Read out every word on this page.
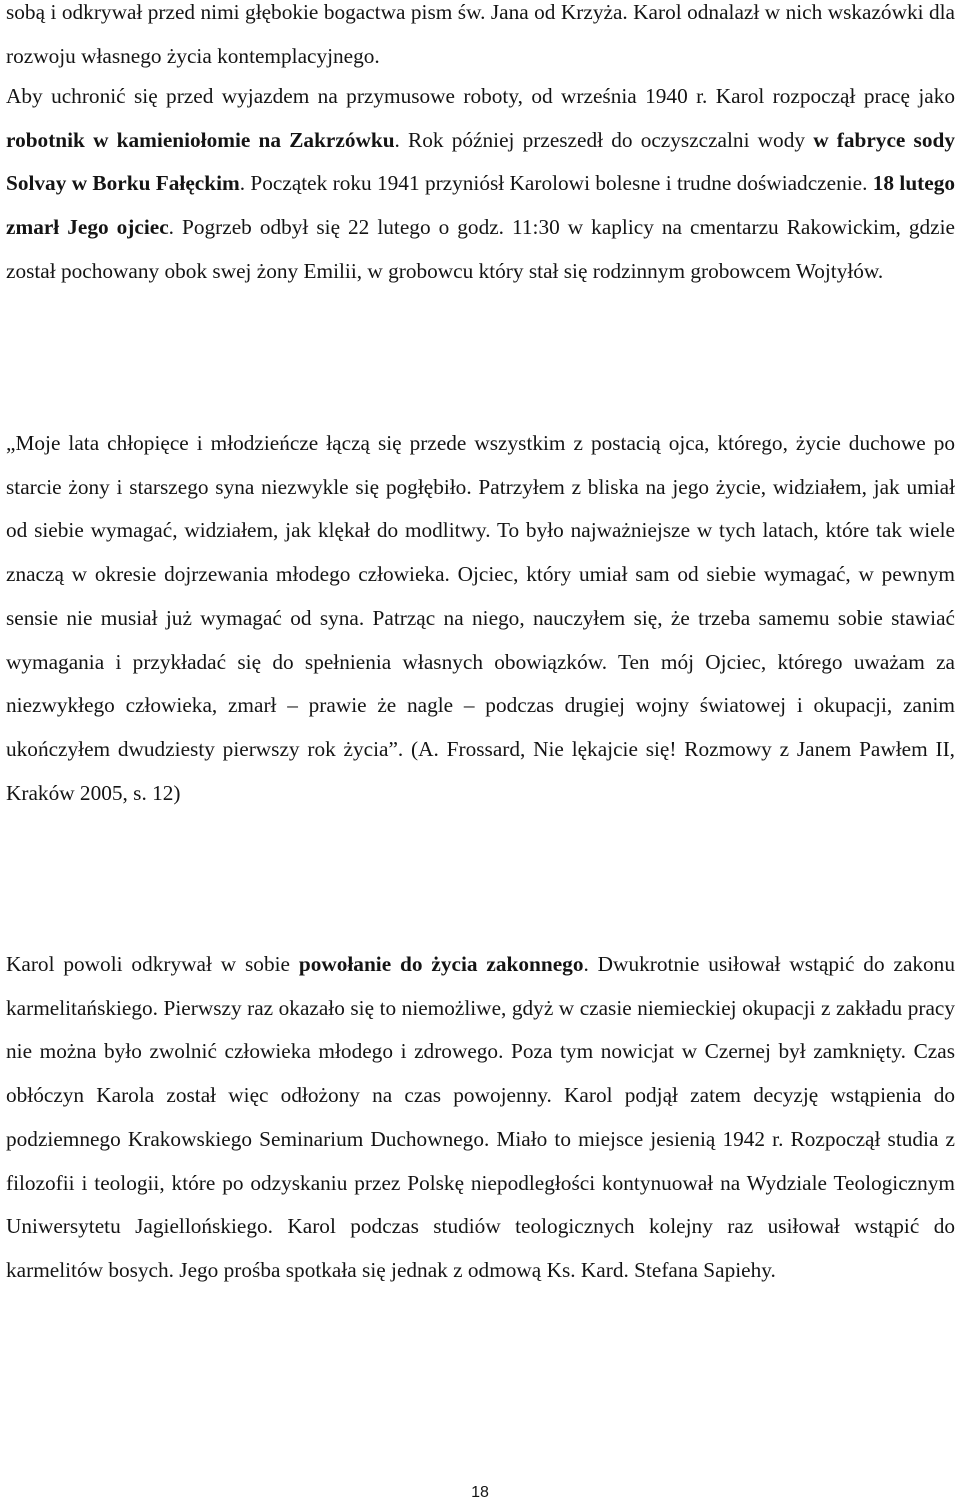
sobą i odkrywał przed nimi głębokie bogactwa pism św. Jana od Krzyża. Karol odnalazł w nich wskazówki dla rozwoju własnego życia kontemplacyjnego.

Aby uchronić się przed wyjazdem na przymusowe roboty, od września 1940 r. Karol rozpoczął pracę jako robotnik w kamieniołomie na Zakrzówku. Rok później przeszedł do oczyszczalni wody w fabryce sody Solvay w Borku Fałęckim. Początek roku 1941 przyniósł Karolowi bolesne i trudne doświadczenie. 18 lutego zmarł Jego ojciec. Pogrzeb odbył się 22 lutego o godz. 11:30 w kaplicy na cmentarzu Rakowickim, gdzie został pochowany obok swej żony Emilii, w grobowcu który stał się rodzinnym grobowcem Wojtyłów.

„Moje lata chłopięce i młodzieńcze łączą się przede wszystkim z postacią ojca, którego, życie duchowe po starcie żony i starszego syna niezwykle się pogłębiło. Patrzyłem z bliska na jego życie, widziałem, jak umiał od siebie wymagać, widziałem, jak klękał do modlitwy. To było najważniejsze w tych latach, które tak wiele znaczą w okresie dojrzewania młodego człowieka. Ojciec, który umiał sam od siebie wymagać, w pewnym sensie nie musiał już wymagać od syna. Patrząc na niego, nauczyłem się, że trzeba samemu sobie stawiać wymagania i przykładać się do spełnienia własnych obowiązków. Ten mój Ojciec, którego uważam za niezwykłego człowieka, zmarł – prawie że nagle – podczas drugiej wojny światowej i okupacji, zanim ukończyłem dwudziesty pierwszy rok życia”. (A. Frossard, Nie lękajcie się! Rozmowy z Janem Pawłem II, Kraków 2005, s. 12)

Karol powoli odkrywał w sobie powołanie do życia zakonnego. Dwukrotnie usiłował wstąpić do zakonu karmelitańskiego. Pierwszy raz okazało się to niemożliwe, gdyż w czasie niemieckiej okupacji z zakładu pracy nie można było zwolnić człowieka młodego i zdrowego. Poza tym nowicjat w Czernej był zamknięty. Czas obłóczyn Karola został więc odłożony na czas powojenny. Karol podjął zatem decyzję wstąpienia do podziemnego Krakowskiego Seminarium Duchownego. Miało to miejsce jesienią 1942 r. Rozpoczął studia z filozofii i teologii, które po odzyskaniu przez Polskę niepodległości kontynuował na Wydziale Teologicznym Uniwersytetu Jagiellońskiego. Karol podczas studiów teologicznych kolejny raz usiłował wstąpić do karmelitów bosych. Jego prośba spotkała się jednak z odmową Ks. Kard. Stefana Sapiehy.

18
